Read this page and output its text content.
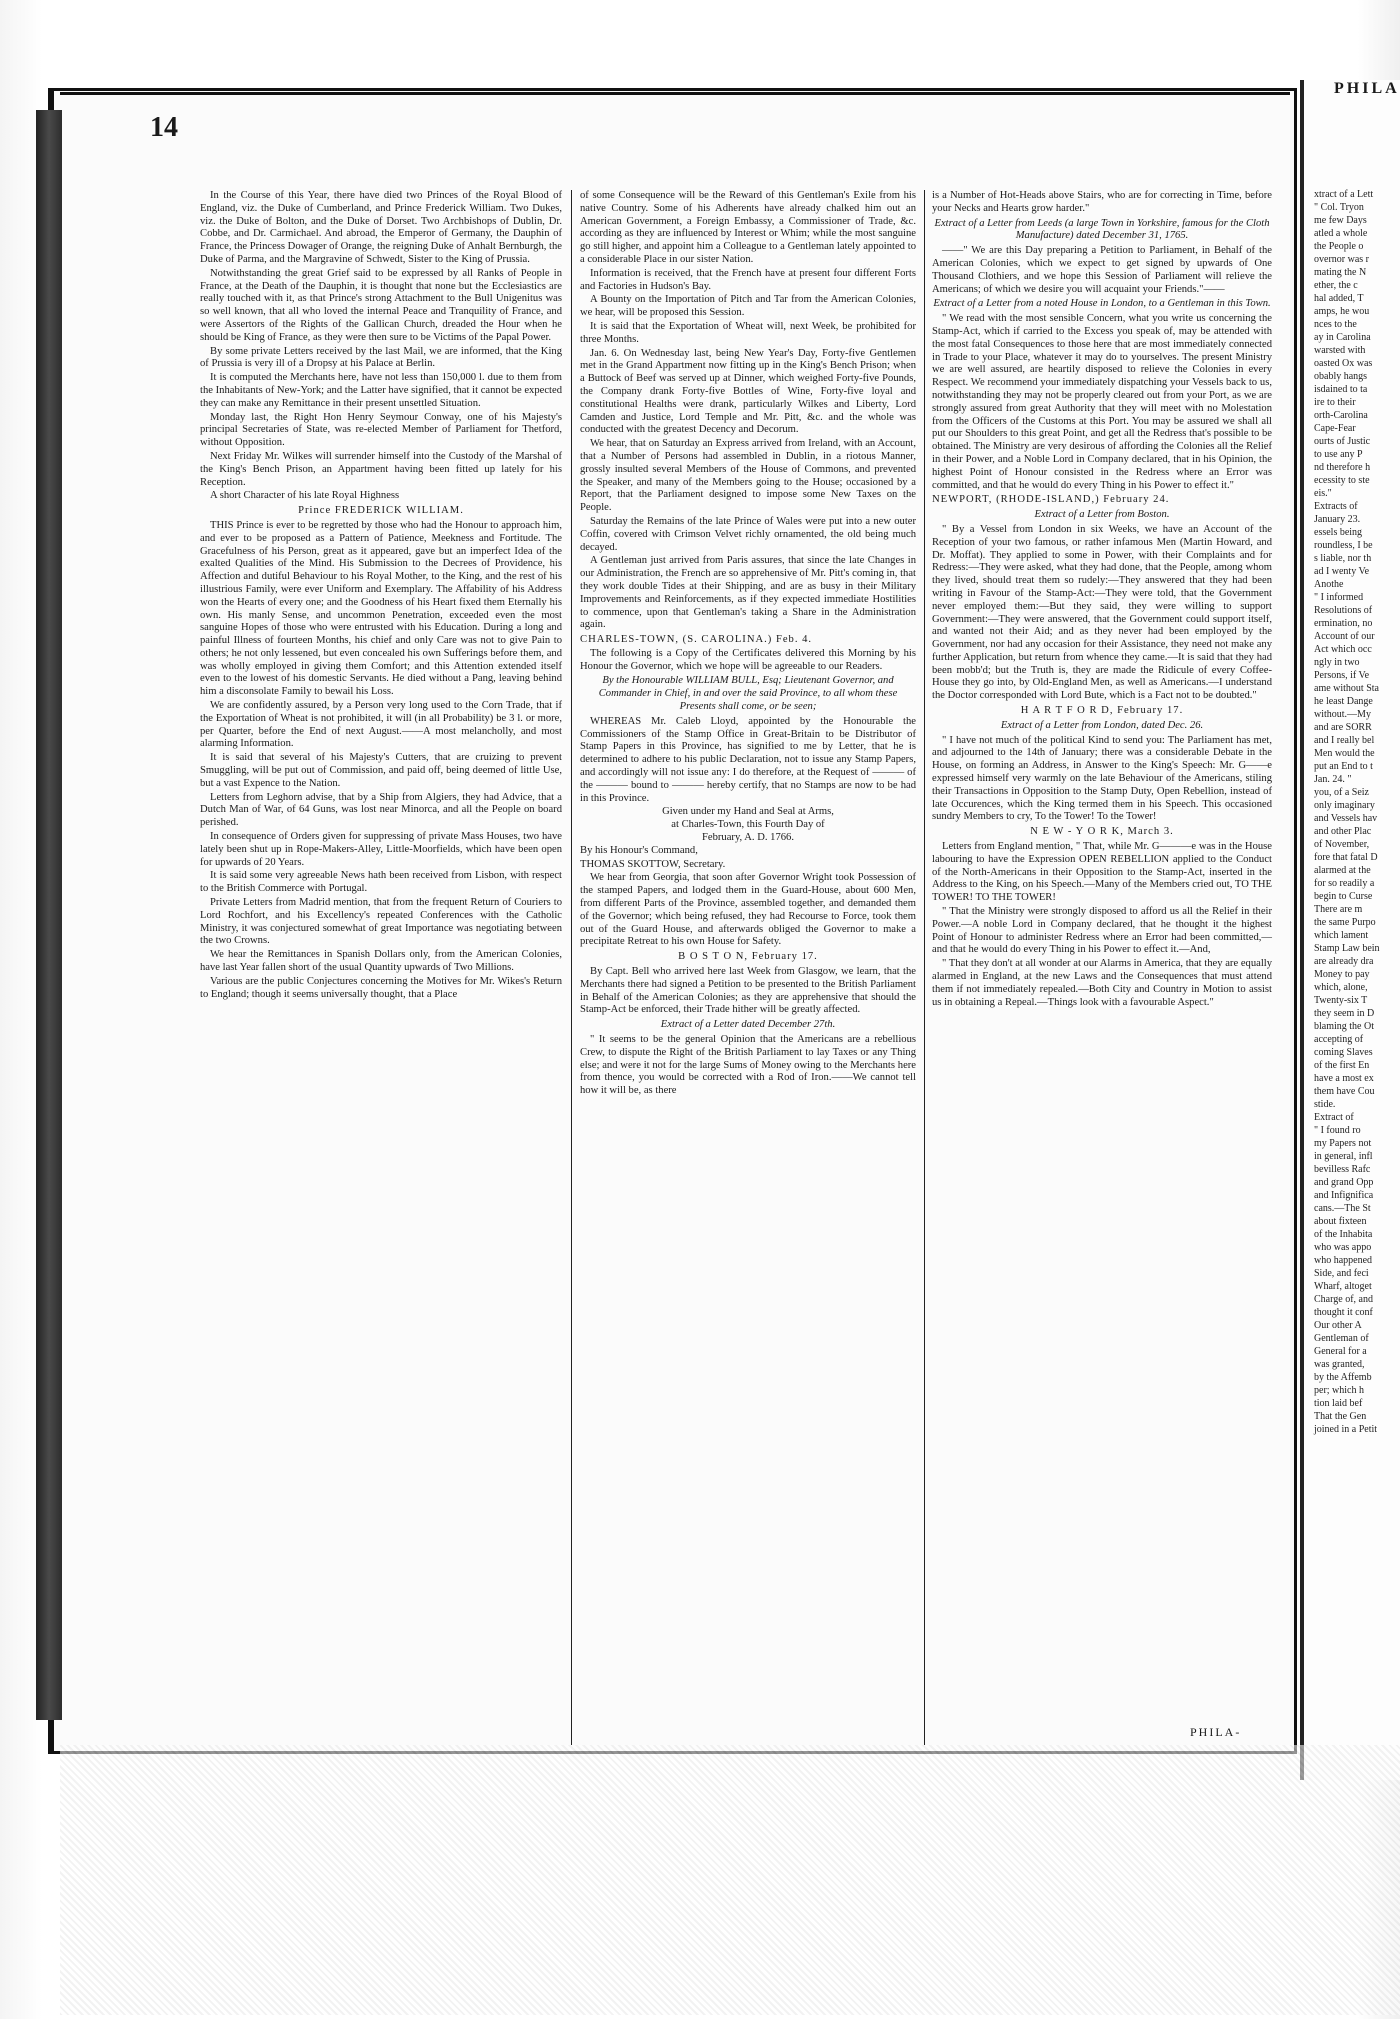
14
In the Course of this Year, there have died two Princes of the Royal Blood of England, viz. the Duke of Cumberland, and Prince Frederick William. Two Dukes, viz. the Duke of Bolton, and the Duke of Dorset. Two Archbishops of Dublin, Dr. Cobbe, and Dr. Carmichael. And abroad, the Emperor of Germany, the Dauphin of France, the Princess Dowager of Orange, the reigning Duke of Anhalt Bernburgh, the Duke of Parma, and the Margravine of Schwedt, Sister to the King of Prussia.
Notwithstanding the great Grief said to be expressed by all Ranks of People in France, at the Death of the Dauphin, it is thought that none but the Ecclesiastics are really touched with it, as that Prince's strong Attachment to the Bull Unigenitus was so well known, that all who loved the internal Peace and Tranquility of France, and were Assertors of the Rights of the Gallican Church, dreaded the Hour when he should be King of France, as they were then sure to be Victims of the Papal Power.
By some private Letters received by the last Mail, we are informed, that the King of Prussia is very ill of a Dropsy at his Palace at Berlin.
It is computed the Merchants here, have not less than 150,000 l. due to them from the Inhabitants of New-York; and the Latter have signified, that it cannot be expected they can make any Remittance in their present unsettled Situation.
Monday last, the Right Hon Henry Seymour Conway, one of his Majesty's principal Secretaries of State, was re-elected Member of Parliament for Thetford, without Opposition.
Next Friday Mr. Wilkes will surrender himself into the Custody of the Marshal of the King's Bench Prison, an Appartment having been fitted up lately for his Reception.
A short Character of his late Royal Highness
Prince FREDERICK WILLIAM.
THIS Prince is ever to be regretted by those who had the Honour to approach him, and ever to be proposed as a Pattern of Patience, Meekness and Fortitude. The Gracefulness of his Person, great as it appeared, gave but an imperfect Idea of the exalted Qualities of the Mind. His Submission to the Decrees of Providence, his Affection and dutiful Behaviour to his Royal Mother, to the King, and the rest of his illustrious Family, were ever Uniform and Exemplary. The Affability of his Address won the Hearts of every one; and the Goodness of his Heart fixed them Eternally his own. His manly Sense, and uncommon Penetration, exceeded even the most sanguine Hopes of those who were entrusted with his Education. During a long and painful Illness of fourteen Months, his chief and only Care was not to give Pain to others; he not only lessened, but even concealed his own Sufferings before them, and was wholly employed in giving them Comfort; and this Attention extended itself even to the lowest of his domestic Servants. He died without a Pang, leaving behind him a disconsolate Family to bewail his Loss.
We are confidently assured, by a Person very long used to the Corn Trade, that if the Exportation of Wheat is not prohibited, it will (in all Probability) be 3 l. or more, per Quarter, before the End of next August.——A most melancholly, and most alarming Information.
It is said that several of his Majesty's Cutters, that are cruizing to prevent Smuggling, will be put out of Commission, and paid off, being deemed of little Use, but a vast Expence to the Nation.
Letters from Leghorn advise, that by a Ship from Algiers, they had Advice, that a Dutch Man of War, of 64 Guns, was lost near Minorca, and all the People on board perished.
In consequence of Orders given for suppressing of private Mass Houses, two have lately been shut up in Rope-Makers-Alley, Little-Moorfields, which have been open for upwards of 20 Years.
It is said some very agreeable News hath been received from Lisbon, with respect to the British Commerce with Portugal.
Private Letters from Madrid mention, that from the frequent Return of Couriers to Lord Rochfort, and his Excellency's repeated Conferences with the Catholic Ministry, it was conjectured somewhat of great Importance was negotiating between the two Crowns.
We hear the Remittances in Spanish Dollars only, from the American Colonies, have last Year fallen short of the usual Quantity upwards of Two Millions.
Various are the public Conjectures concerning the Motives for Mr. Wikes's Return to England; though it seems universally thought, that a Place
of some Consequence will be the Reward of this Gentleman's Exile from his native Country. Some of his Adherents have already chalked him out an American Government, a Foreign Embassy, a Commissioner of Trade, &c. according as they are influenced by Interest or Whim; while the most sanguine go still higher, and appoint him a Colleague to a Gentleman lately appointed to a considerable Place in our sister Nation.
Information is received, that the French have at present four different Forts and Factories in Hudson's Bay.
A Bounty on the Importation of Pitch and Tar from the American Colonies, we hear, will be proposed this Session.
It is said that the Exportation of Wheat will, next Week, be prohibited for three Months.
Jan. 6. On Wednesday last, being New Year's Day, Forty-five Gentlemen met in the Grand Appartment now fitting up in the King's Bench Prison; when a Buttock of Beef was served up at Dinner, which weighed Forty-five Pounds, the Company drank Forty-five Bottles of Wine, Forty-five loyal and constitutional Healths were drank, particularly Wilkes and Liberty, Lord Camden and Justice, Lord Temple and Mr. Pitt, &c. and the whole was conducted with the greatest Decency and Decorum.
We hear, that on Saturday an Express arrived from Ireland, with an Account, that a Number of Persons had assembled in Dublin, in a riotous Manner, grossly insulted several Members of the House of Commons, and prevented the Speaker, and many of the Members going to the House; occasioned by a Report, that the Parliament designed to impose some New Taxes on the People.
Saturday the Remains of the late Prince of Wales were put into a new outer Coffin, covered with Crimson Velvet richly ornamented, the old being much decayed.
A Gentleman just arrived from Paris assures, that since the late Changes in our Administration, the French are so apprehensive of Mr. Pitt's coming in, that they work double Tides at their Shipping, and are as busy in their Military Improvements and Reinforcements, as if they expected immediate Hostilities to commence, upon that Gentleman's taking a Share in the Administration again.
CHARLES-TOWN, (S. CAROLINA.) Feb. 4.
The following is a Copy of the Certificates delivered this Morning by his Honour the Governor, which we hope will be agreeable to our Readers.
By the Honourable WILLIAM BULL, Esq; Lieutenant Governor, and Commander in Chief, in and over the said Province, to all whom these Presents shall come, or be seen;
WHEREAS Mr. Caleb Lloyd, appointed by the Honourable the Commissioners of the Stamp Office in Great-Britain to be Distributor of Stamp Papers in this Province, has signified to me by Letter, that he is determined to adhere to his public Declaration, not to issue any Stamp Papers, and accordingly will not issue any: I do therefore, at the Request of ——— of the ——— bound to ——— hereby certify, that no Stamps are now to be had in this Province.
Given under my Hand and Seal at Arms,
at Charles-Town, this Fourth Day of
February, A. D. 1766.
By his Honour's Command,
THOMAS SKOTTOW, Secretary.
We hear from Georgia, that soon after Governor Wright took Possession of the stamped Papers, and lodged them in the Guard-House, about 600 Men, from different Parts of the Province, assembled together, and demanded them of the Governor; which being refused, they had Recourse to Force, took them out of the Guard House, and afterwards obliged the Governor to make a precipitate Retreat to his own House for Safety.
B O S T O N, February 17.
By Capt. Bell who arrived here last Week from Glasgow, we learn, that the Merchants there had signed a Petition to be presented to the British Parliament in Behalf of the American Colonies; as they are apprehensive that should the Stamp-Act be enforced, their Trade hither will be greatly affected.
Extract of a Letter dated December 27th.
" It seems to be the general Opinion that the Americans are a rebellious Crew, to dispute the Right of the British Parliament to lay Taxes or any Thing else; and were it not for the large Sums of Money owing to the Merchants here from thence, you would be corrected with a Rod of Iron.——We cannot tell how it will be, as there
is a Number of Hot-Heads above Stairs, who are for correcting in Time, before your Necks and Hearts grow harder."
Extract of a Letter from Leeds (a large Town in Yorkshire, famous for the Cloth Manufacture) dated December 31, 1765.
——" We are this Day preparing a Petition to Parliament, in Behalf of the American Colonies, which we expect to get signed by upwards of One Thousand Clothiers, and we hope this Session of Parliament will relieve the Americans; of which we desire you will acquaint your Friends."——
Extract of a Letter from a noted House in London, to a Gentleman in this Town.
" We read with the most sensible Concern, what you write us concerning the Stamp-Act, which if carried to the Excess you speak of, may be attended with the most fatal Consequences to those here that are most immediately connected in Trade to your Place, whatever it may do to yourselves. The present Ministry we are well assured, are heartily disposed to relieve the Colonies in every Respect. We recommend your immediately dispatching your Vessels back to us, notwithstanding they may not be properly cleared out from your Port, as we are strongly assured from great Authority that they will meet with no Molestation from the Officers of the Customs at this Port. You may be assured we shall all put our Shoulders to this great Point, and get all the Redress that's possible to be obtained. The Ministry are very desirous of affording the Colonies all the Relief in their Power, and a Noble Lord in Company declared, that in his Opinion, the highest Point of Honour consisted in the Redress where an Error was committed, and that he would do every Thing in his Power to effect it."
NEWPORT, (RHODE-ISLAND,) February 24.
Extract of a Letter from Boston.
" By a Vessel from London in six Weeks, we have an Account of the Reception of your two famous, or rather infamous Men (Martin Howard, and Dr. Moffat). They applied to some in Power, with their Complaints and for Redress:—They were asked, what they had done, that the People, among whom they lived, should treat them so rudely:—They answered that they had been writing in Favour of the Stamp-Act:—They were told, that the Government never employed them:—But they said, they were willing to support Government:—They were answered, that the Government could support itself, and wanted not their Aid; and as they never had been employed by the Government, nor had any occasion for their Assistance, they need not make any further Application, but return from whence they came.—It is said that they had been mobb'd; but the Truth is, they are made the Ridicule of every Coffee-House they go into, by Old-England Men, as well as Americans.—I understand the Doctor corresponded with Lord Bute, which is a Fact not to be doubted."
H A R T F O R D, February 17.
Extract of a Letter from London, dated Dec. 26.
" I have not much of the political Kind to send you: The Parliament has met, and adjourned to the 14th of January; there was a considerable Debate in the House, on forming an Address, in Answer to the King's Speech: Mr. G——e expressed himself very warmly on the late Behaviour of the Americans, stiling their Transactions in Opposition to the Stamp Duty, Open Rebellion, instead of late Occurences, which the King termed them in his Speech. This occasioned sundry Members to cry, To the Tower! To the Tower!
N E W - Y O R K, March 3.
Letters from England mention, " That, while Mr. G———e was in the House labouring to have the Expression OPEN REBELLION applied to the Conduct of the North-Americans in their Opposition to the Stamp-Act, inserted in the Address to the King, on his Speech.—Many of the Members cried out, TO THE TOWER! TO THE TOWER!
" That the Ministry were strongly disposed to afford us all the Relief in their Power.—A noble Lord in Company declared, that he thought it the highest Point of Honour to administer Redress where an Error had been committed,—and that he would do every Thing in his Power to effect it.—And,
" That they don't at all wonder at our Alarms in America, that they are equally alarmed in England, at the new Laws and the Consequences that must attend them if not immediately repealed.—Both City and Country in Motion to assist us in obtaining a Repeal.—Things look with a favourable Aspect."
PHILA-
PHILA
xtract of a Lett
" Col. Tryon
me few Days
atled a whole
the People o
overnor was r
mating the N
ether, the c
hal added, T
amps, he wou
nces to the
ay in Carolina
warsted with
oasted Ox was
obably hangs
isdained to ta
ire to their
orth-Carolina
Cape-Fear
ourts of Justic
to use any P
nd therefore h
ecessity to ste
eis."
Extracts of
January 23.
essels being
roundless, I be
s liable, nor th
ad I wenty Ve
Anothe
" I informed
Resolutions of
ermination, no
Account of our
Act which occ
ngly in two
Persons, if Ve
ame without Sta
he least Dange
without.—My
and are SORR
and I really bel
Men would the
put an End to t
Jan. 24. "
you, of a Seiz
only imaginary
and Vessels hav
and other Plac
of November,
fore that fatal D
alarmed at the
for so readily a
begin to Curse
There are m
the same Purpo
which lament
Stamp Law bein
are already dra
Money to pay
which, alone,
Twenty-six T
they seem in D
blaming the Ot
accepting of
coming Slaves
of the first En
have a most ex
them have Cou
stide.
Extract of
" I found ro
my Papers not
in general, infl
bevilless Rafc
and grand Opp
and Infignifica
cans.—The St
about fixteen
of the Inhabita
who was appo
who happened
Side, and feci
Wharf, altoget
Charge of, and
thought it conf
Our other A
Gentleman of
General for a
was granted,
by the Affemb
per; which h
tion laid bef
That the Gen
joined in a Petit
